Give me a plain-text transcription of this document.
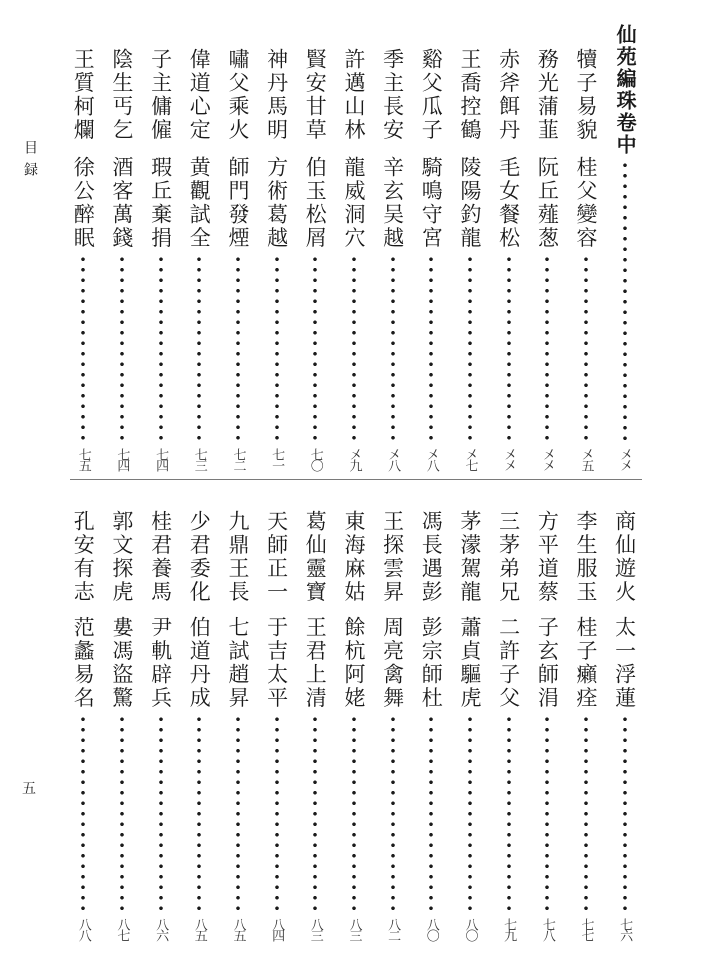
目録
五
仙苑編珠卷中
㐅㐅
犢子易貌
桂父變容
㐅五
務光蒲韮
阮丘薤葱
㐅㐅
赤斧餌丹
毛女餐松
㐅㐅
王喬控鶴
陵陽釣龍
㐅七
谿父瓜子
騎鳴守宮
㐅八
季主長安
辛玄吴越
㐅八
許邁山林
龍威洞穴
㐅九
賢安甘草
伯玉松屑
七〇
神丹馬明
方術葛越
七一
嘯父乘火
師門發煙
七二
偉道心定
黄觀試全
七三
子主傭僱
瑕丘棄捐
七四
陰生丐乞
酒客萬錢
七四
王質柯爛
徐公醉眠
七五
商仙遊火
太一浮蓮
七六
李生服玉
桂子癩痊
七七
方平道蔡
子玄師涓
七八
三茅弟兄
二許子父
七九
茅濛駕龍
蕭貞驅虎
八〇
馮長遇彭
彭宗師杜
八〇
王探雲昇
周亮禽舞
八二
東海麻姑
餘杭阿姥
八三
葛仙靈寶
王君上清
八三
天師正一
于吉太平
八四
九鼎王長
七試趙昇
八五
少君委化
伯道丹成
八五
桂君養馬
尹軌辟兵
八六
郭文探虎
婁馮盜驚
八七
孔安有志
范蠡易名
八八
